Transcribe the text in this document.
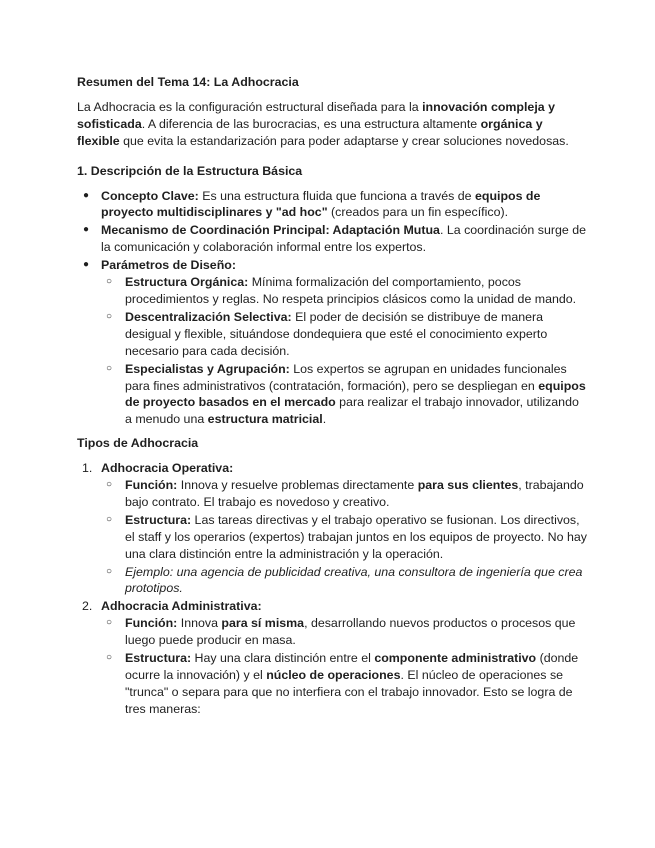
Resumen del Tema 14: La Adhocracia

La Adhocracia es la configuración estructural diseñada para la innovación compleja y sofisticada. A diferencia de las burocracias, es una estructura altamente orgánica y flexible que evita la estandarización para poder adaptarse y crear soluciones novedosas.

1. Descripción de la Estructura Básica
● Concepto Clave: Es una estructura fluida que funciona a través de equipos de proyecto multidisciplinares y "ad hoc" (creados para un fin específico).
● Mecanismo de Coordinación Principal: Adaptación Mutua. La coordinación surge de la comunicación y colaboración informal entre los expertos.
● Parámetros de Diseño:
○ Estructura Orgánica: Mínima formalización del comportamiento, pocos procedimientos y reglas. No respeta principios clásicos como la unidad de mando.
○ Descentralización Selectiva: El poder de decisión se distribuye de manera desigual y flexible, situándose dondequiera que esté el conocimiento experto necesario para cada decisión.
○ Especialistas y Agrupación: Los expertos se agrupan en unidades funcionales para fines administrativos (contratación, formación), pero se despliegan en equipos de proyecto basados en el mercado para realizar el trabajo innovador, utilizando a menudo una estructura matricial.
Tipos de Adhocracia
1. Adhocracia Operativa:
○ Función: Innova y resuelve problemas directamente para sus clientes, trabajando bajo contrato. El trabajo es novedoso y creativo.
○ Estructura: Las tareas directivas y el trabajo operativo se fusionan. Los directivos, el staff y los operarios (expertos) trabajan juntos en los equipos de proyecto. No hay una clara distinción entre la administración y la operación.
○ Ejemplo: una agencia de publicidad creativa, una consultora de ingeniería que crea prototipos.
2. Adhocracia Administrativa:
○ Función: Innova para sí misma, desarrollando nuevos productos o procesos que luego puede producir en masa.
○ Estructura: Hay una clara distinción entre el componente administrativo (donde ocurre la innovación) y el núcleo de operaciones. El núcleo de operaciones se "trunca" o separa para que no interfiera con el trabajo innovador. Esto se logra de tres maneras:
